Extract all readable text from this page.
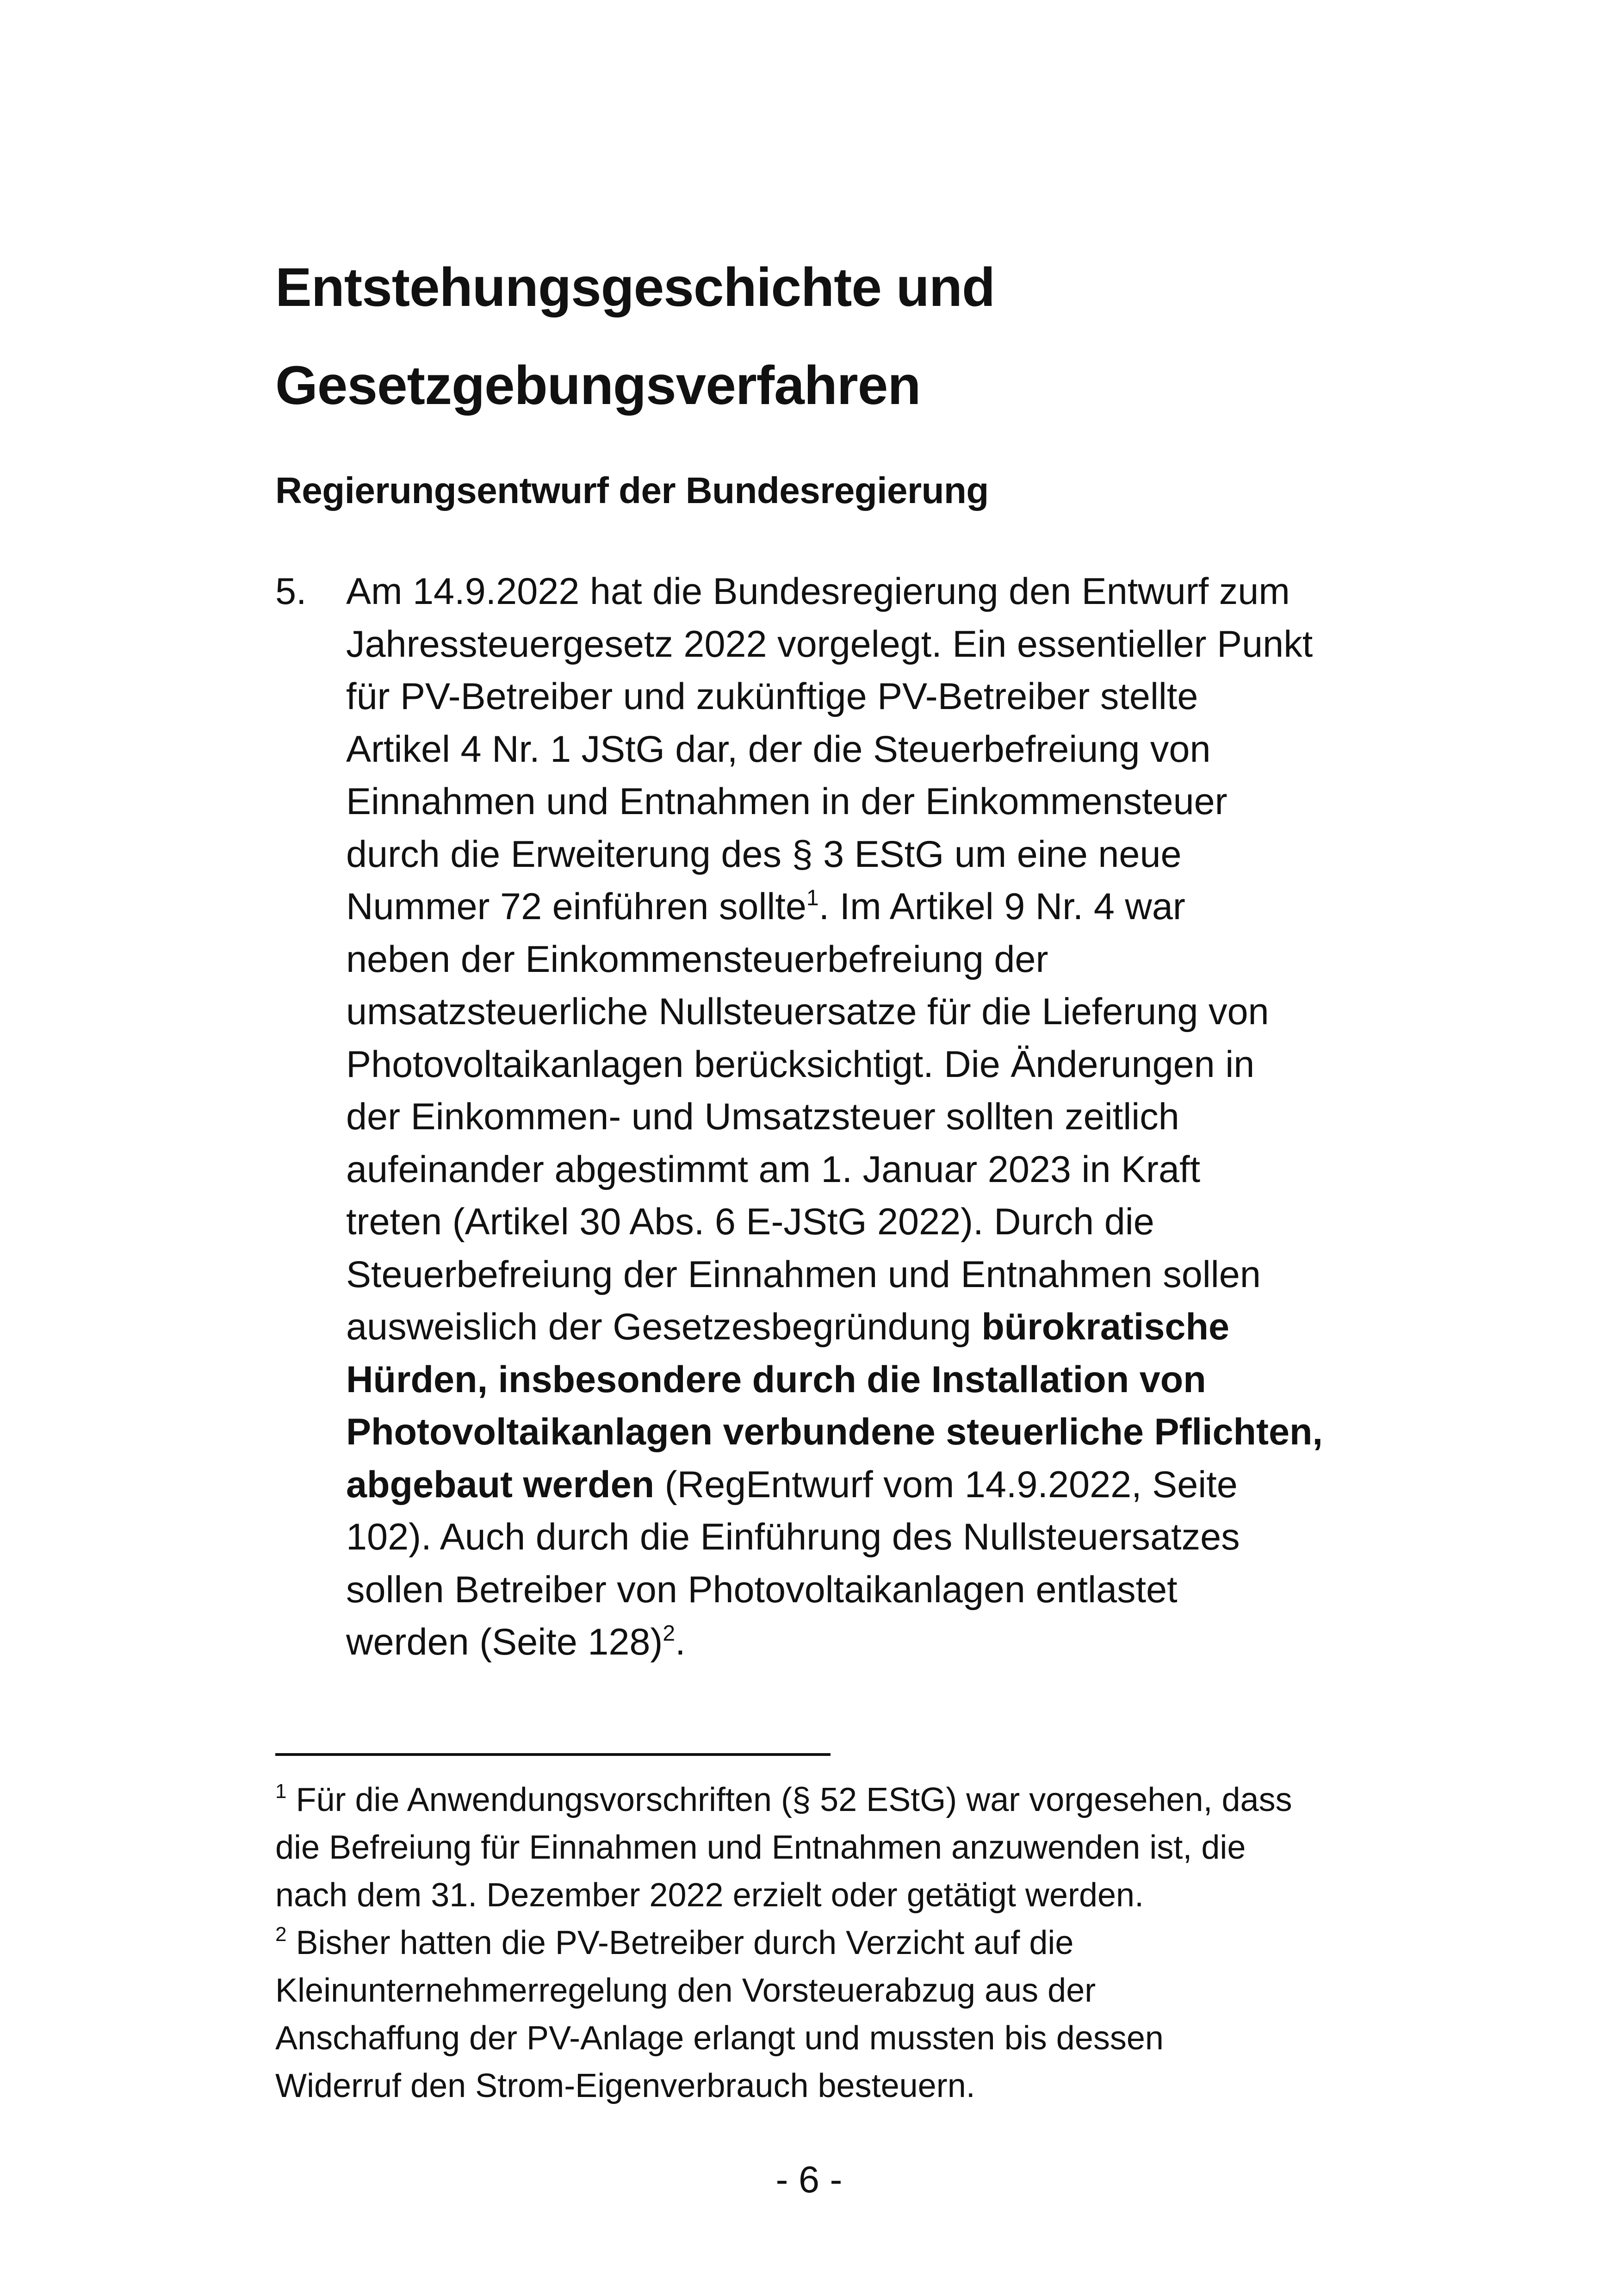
Entstehungsgeschichte und
Gesetzgebungsverfahren
Regierungsentwurf der Bundesregierung
5. Am 14.9.2022 hat die Bundesregierung den Entwurf zum
Jahressteuergesetz 2022 vorgelegt. Ein essentieller Punkt
für PV-Betreiber und zukünftige PV-Betreiber stellte
Artikel 4 Nr. 1 JStG dar, der die Steuerbefreiung von
Einnahmen und Entnahmen in der Einkommensteuer
durch die Erweiterung des § 3 EStG um eine neue
Nummer 72 einführen sollte$^1$. Im Artikel 9 Nr. 4 war
neben der Einkommensteuerbefreiung der
umsatzsteuerliche Nullsteuersatze für die Lieferung von
Photovoltaikanlagen berücksichtigt. Die Änderungen in
der Einkommen- und Umsatzsteuer sollten zeitlich
aufeinander abgestimmt am 1. Januar 2023 in Kraft
treten (Artikel 30 Abs. 6 E-JStG 2022). Durch die
Steuerbefreiung der Einnahmen und Entnahmen sollen
ausweislich der Gesetzesbegründung bürokratische
Hürden, insbesondere durch die Installation von
Photovoltaikanlagen verbundene steuerliche Pflichten,
abgebaut werden (RegEntwurf vom 14.9.2022, Seite
102). Auch durch die Einführung des Nullsteuersatzes
sollen Betreiber von Photovoltaikanlagen entlastet
werden (Seite 128)$^2$.
$^1$ Für die Anwendungsvorschriften (§ 52 EStG) war vorgesehen, dass
die Befreiung für Einnahmen und Entnahmen anzuwenden ist, die
nach dem 31. Dezember 2022 erzielt oder getätigt werden.
$^2$ Bisher hatten die PV-Betreiber durch Verzicht auf die
Kleinunternehmerregelung den Vorsteuerabzug aus der
Anschaffung der PV-Anlage erlangt und mussten bis dessen
Widerruf den Strom-Eigenverbrauch besteuern.
- 6 -
